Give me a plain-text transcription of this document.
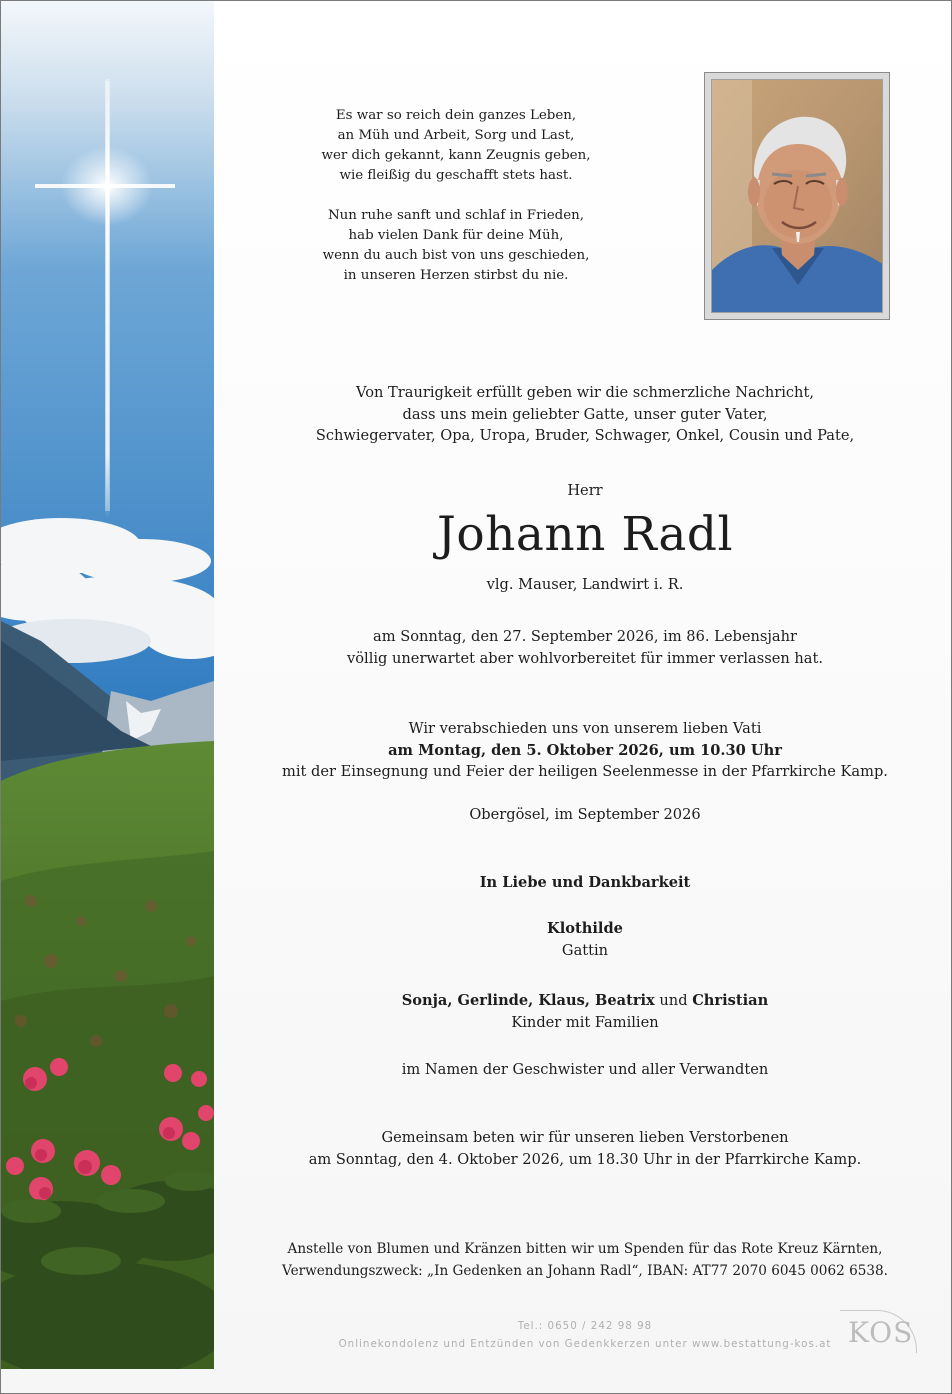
Es war so reich dein ganzes Leben,

an Müh und Arbeit, Sorg und Last,

wer dich gekannt, kann Zeugnis geben,

wie fleißig du geschafft stets hast.

Nun ruhe sanft und schlaf in Frieden,

hab vielen Dank für deine Müh,

wenn du auch bist von uns geschieden,

in unseren Herzen stirbst du nie.

Von Traurigkeit erfüllt geben wir die schmerzliche Nachricht,
dass uns mein geliebter Gatte, unser guter Vater,
Schwiegervater, Opa, Uropa, Bruder, Schwager, Onkel, Cousin und Pate,
Herr
Johann Radl
vlg. Mauser, Landwirt i. R.
am Sonntag, den 27. September 2026, im 86. Lebensjahr
völlig unerwartet aber wohlvorbereitet für immer verlassen hat.
Wir verabschieden uns von unserem lieben Vati
am Montag, den 5. Oktober 2026, um 10.30 Uhr
mit der Einsegnung und Feier der heiligen Seelenmesse in der Pfarrkirche Kamp.
Obergösel, im September 2026
In Liebe und Dankbarkeit
Klothilde
Gattin
Sonja, Gerlinde, Klaus, Beatrix und Christian
Kinder mit Familien
im Namen der Geschwister und aller Verwandten
Gemeinsam beten wir für unseren lieben Verstorbenen
am Sonntag, den 4. Oktober 2026, um 18.30 Uhr in der Pfarrkirche Kamp.
Anstelle von Blumen und Kränzen bitten wir um Spenden für das Rote Kreuz Kärnten,
Verwendungszweck: „In Gedenken an Johann Radl“, IBAN: AT77 2070 6045 0062 6538.
Tel.: 0650 / 242 98 98
Onlinekondolenz und Entzünden von Gedenkkerzen unter www.bestattung-kos.at KOS
